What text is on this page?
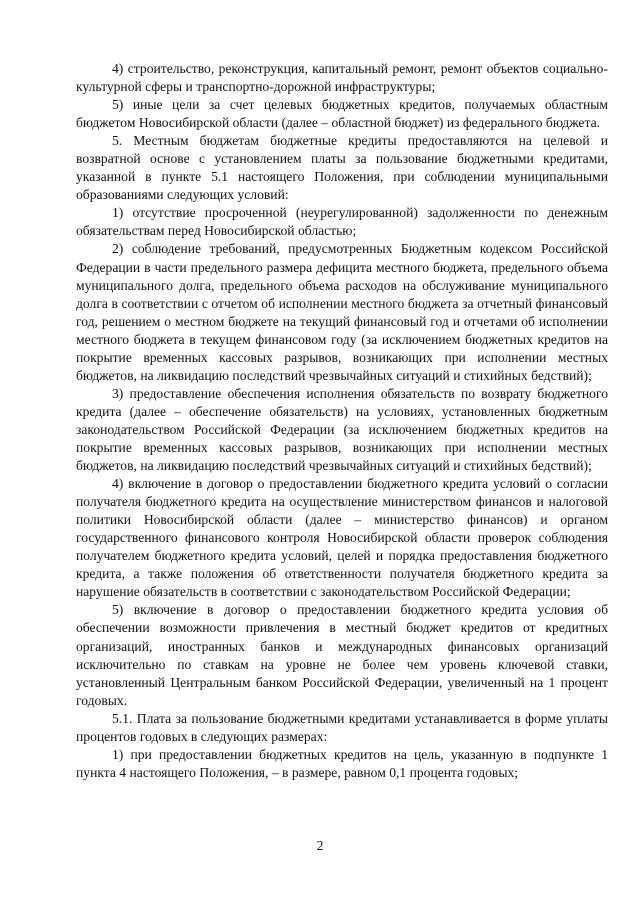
4) строительство, реконструкция, капитальный ремонт, ремонт объектов социально-культурной сферы и транспортно-дорожной инфраструктуры;

5) иные цели за счет целевых бюджетных кредитов, получаемых областным бюджетом Новосибирской области (далее – областной бюджет) из федерального бюджета.

5. Местным бюджетам бюджетные кредиты предоставляются на целевой и возвратной основе с установлением платы за пользование бюджетными кредитами, указанной в пункте 5.1 настоящего Положения, при соблюдении муниципальными образованиями следующих условий:

1) отсутствие просроченной (неурегулированной) задолженности по денежным обязательствам перед Новосибирской областью;

2) соблюдение требований, предусмотренных Бюджетным кодексом Российской Федерации в части предельного размера дефицита местного бюджета, предельного объема муниципального долга, предельного объема расходов на обслуживание муниципального долга в соответствии с отчетом об исполнении местного бюджета за отчетный финансовый год, решением о местном бюджете на текущий финансовый год и отчетами об исполнении местного бюджета в текущем финансовом году (за исключением бюджетных кредитов на покрытие временных кассовых разрывов, возникающих при исполнении местных бюджетов, на ликвидацию последствий чрезвычайных ситуаций и стихийных бедствий);

3) предоставление обеспечения исполнения обязательств по возврату бюджетного кредита (далее – обеспечение обязательств) на условиях, установленных бюджетным законодательством Российской Федерации (за исключением бюджетных кредитов на покрытие временных кассовых разрывов, возникающих при исполнении местных бюджетов, на ликвидацию последствий чрезвычайных ситуаций и стихийных бедствий);

4) включение в договор о предоставлении бюджетного кредита условий о согласии получателя бюджетного кредита на осуществление министерством финансов и налоговой политики Новосибирской области (далее – министерство финансов) и органом государственного финансового контроля Новосибирской области проверок соблюдения получателем бюджетного кредита условий, целей и порядка предоставления бюджетного кредита, а также положения об ответственности получателя бюджетного кредита за нарушение обязательств в соответствии с законодательством Российской Федерации;

5) включение в договор о предоставлении бюджетного кредита условия об обеспечении возможности привлечения в местный бюджет кредитов от кредитных организаций, иностранных банков и международных финансовых организаций исключительно по ставкам на уровне не более чем уровень ключевой ставки, установленный Центральным банком Российской Федерации, увеличенный на 1 процент годовых.

5.1. Плата за пользование бюджетными кредитами устанавливается в форме уплаты процентов годовых в следующих размерах:

1) при предоставлении бюджетных кредитов на цель, указанную в подпункте 1 пункта 4 настоящего Положения, – в размере, равном 0,1 процента годовых;

2
